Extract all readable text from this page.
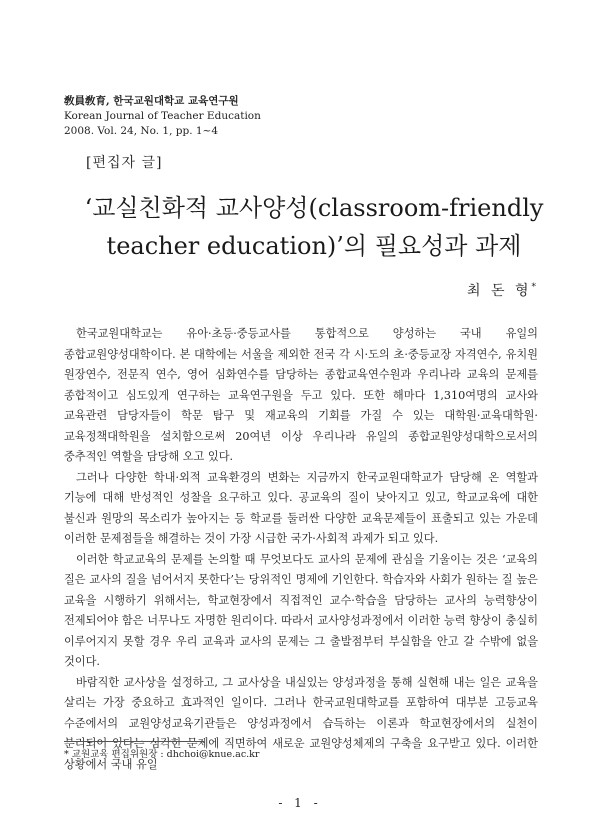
敎員敎育, 한국교원대학교 교육연구원
Korean Journal of Teacher Education
2008. Vol. 24, No. 1, pp. 1~4
[편집자 글]
‘교실친화적 교사양성(classroom-friendly
teacher education)’의 필요성과 과제
최 돈 형*

한국교원대학교는 유아·초등·중등교사를 통합적으로 양성하는 국내 유일의 종합교원양성대학이다. 본 대학에는 서울을 제외한 전국 각 시·도의 초·중등교장 자격연수, 유치원 원장연수, 전문직 연수, 영어 심화연수를 담당하는 종합교육연수원과 우리나라 교육의 문제를 종합적이고 심도있게 연구하는 교육연구원을 두고 있다. 또한 해마다 1,310여명의 교사와 교육관련 담당자들이 학문 탐구 및 재교육의 기회를 가질 수 있는 대학원·교육대학원·교육정책대학원을 설치함으로써 20여년 이상 우리나라 유일의 종합교원양성대학으로서의 중추적인 역할을 담당해 오고 있다.

그러나 다양한 학내·외적 교육환경의 변화는 지금까지 한국교원대학교가 담당해 온 역할과 기능에 대해 반성적인 성찰을 요구하고 있다. 공교육의 질이 낮아지고 있고, 학교교육에 대한 불신과 원망의 목소리가 높아지는 등 학교를 둘러싼 다양한 교육문제들이 표출되고 있는 가운데 이러한 문제점들을 해결하는 것이 가장 시급한 국가·사회적 과제가 되고 있다.

이러한 학교교육의 문제를 논의할 때 무엇보다도 교사의 문제에 관심을 기울이는 것은 ‘교육의 질은 교사의 질을 넘어서지 못한다’는 당위적인 명제에 기인한다. 학습자와 사회가 원하는 질 높은 교육을 시행하기 위해서는, 학교현장에서 직접적인 교수·학습을 담당하는 교사의 능력향상이 전제되어야 함은 너무나도 자명한 원리이다. 따라서 교사양성과정에서 이러한 능력 향상이 충실히 이루어지지 못할 경우 우리 교육과 교사의 문제는 그 출발점부터 부실함을 안고 갈 수밖에 없을 것이다.

바람직한 교사상을 설정하고, 그 교사상을 내실있는 양성과정을 통해 실현해 내는 일은 교육을 살리는 가장 중요하고 효과적인 일이다. 그러나 한국교원대학교를 포함하여 대부분 고등교육 수준에서의 교원양성교육기관들은 양성과정에서 습득하는 이론과 학교현장에서의 실천이 분리되어 있다는 심각한 문제에 직면하여 새로운 교원양성체제의 구축을 요구받고 있다. 이러한 상황에서 국내 유일

* 교원교육 편집위원장 : dhchoi@knue.ac.kr
- 1 -
